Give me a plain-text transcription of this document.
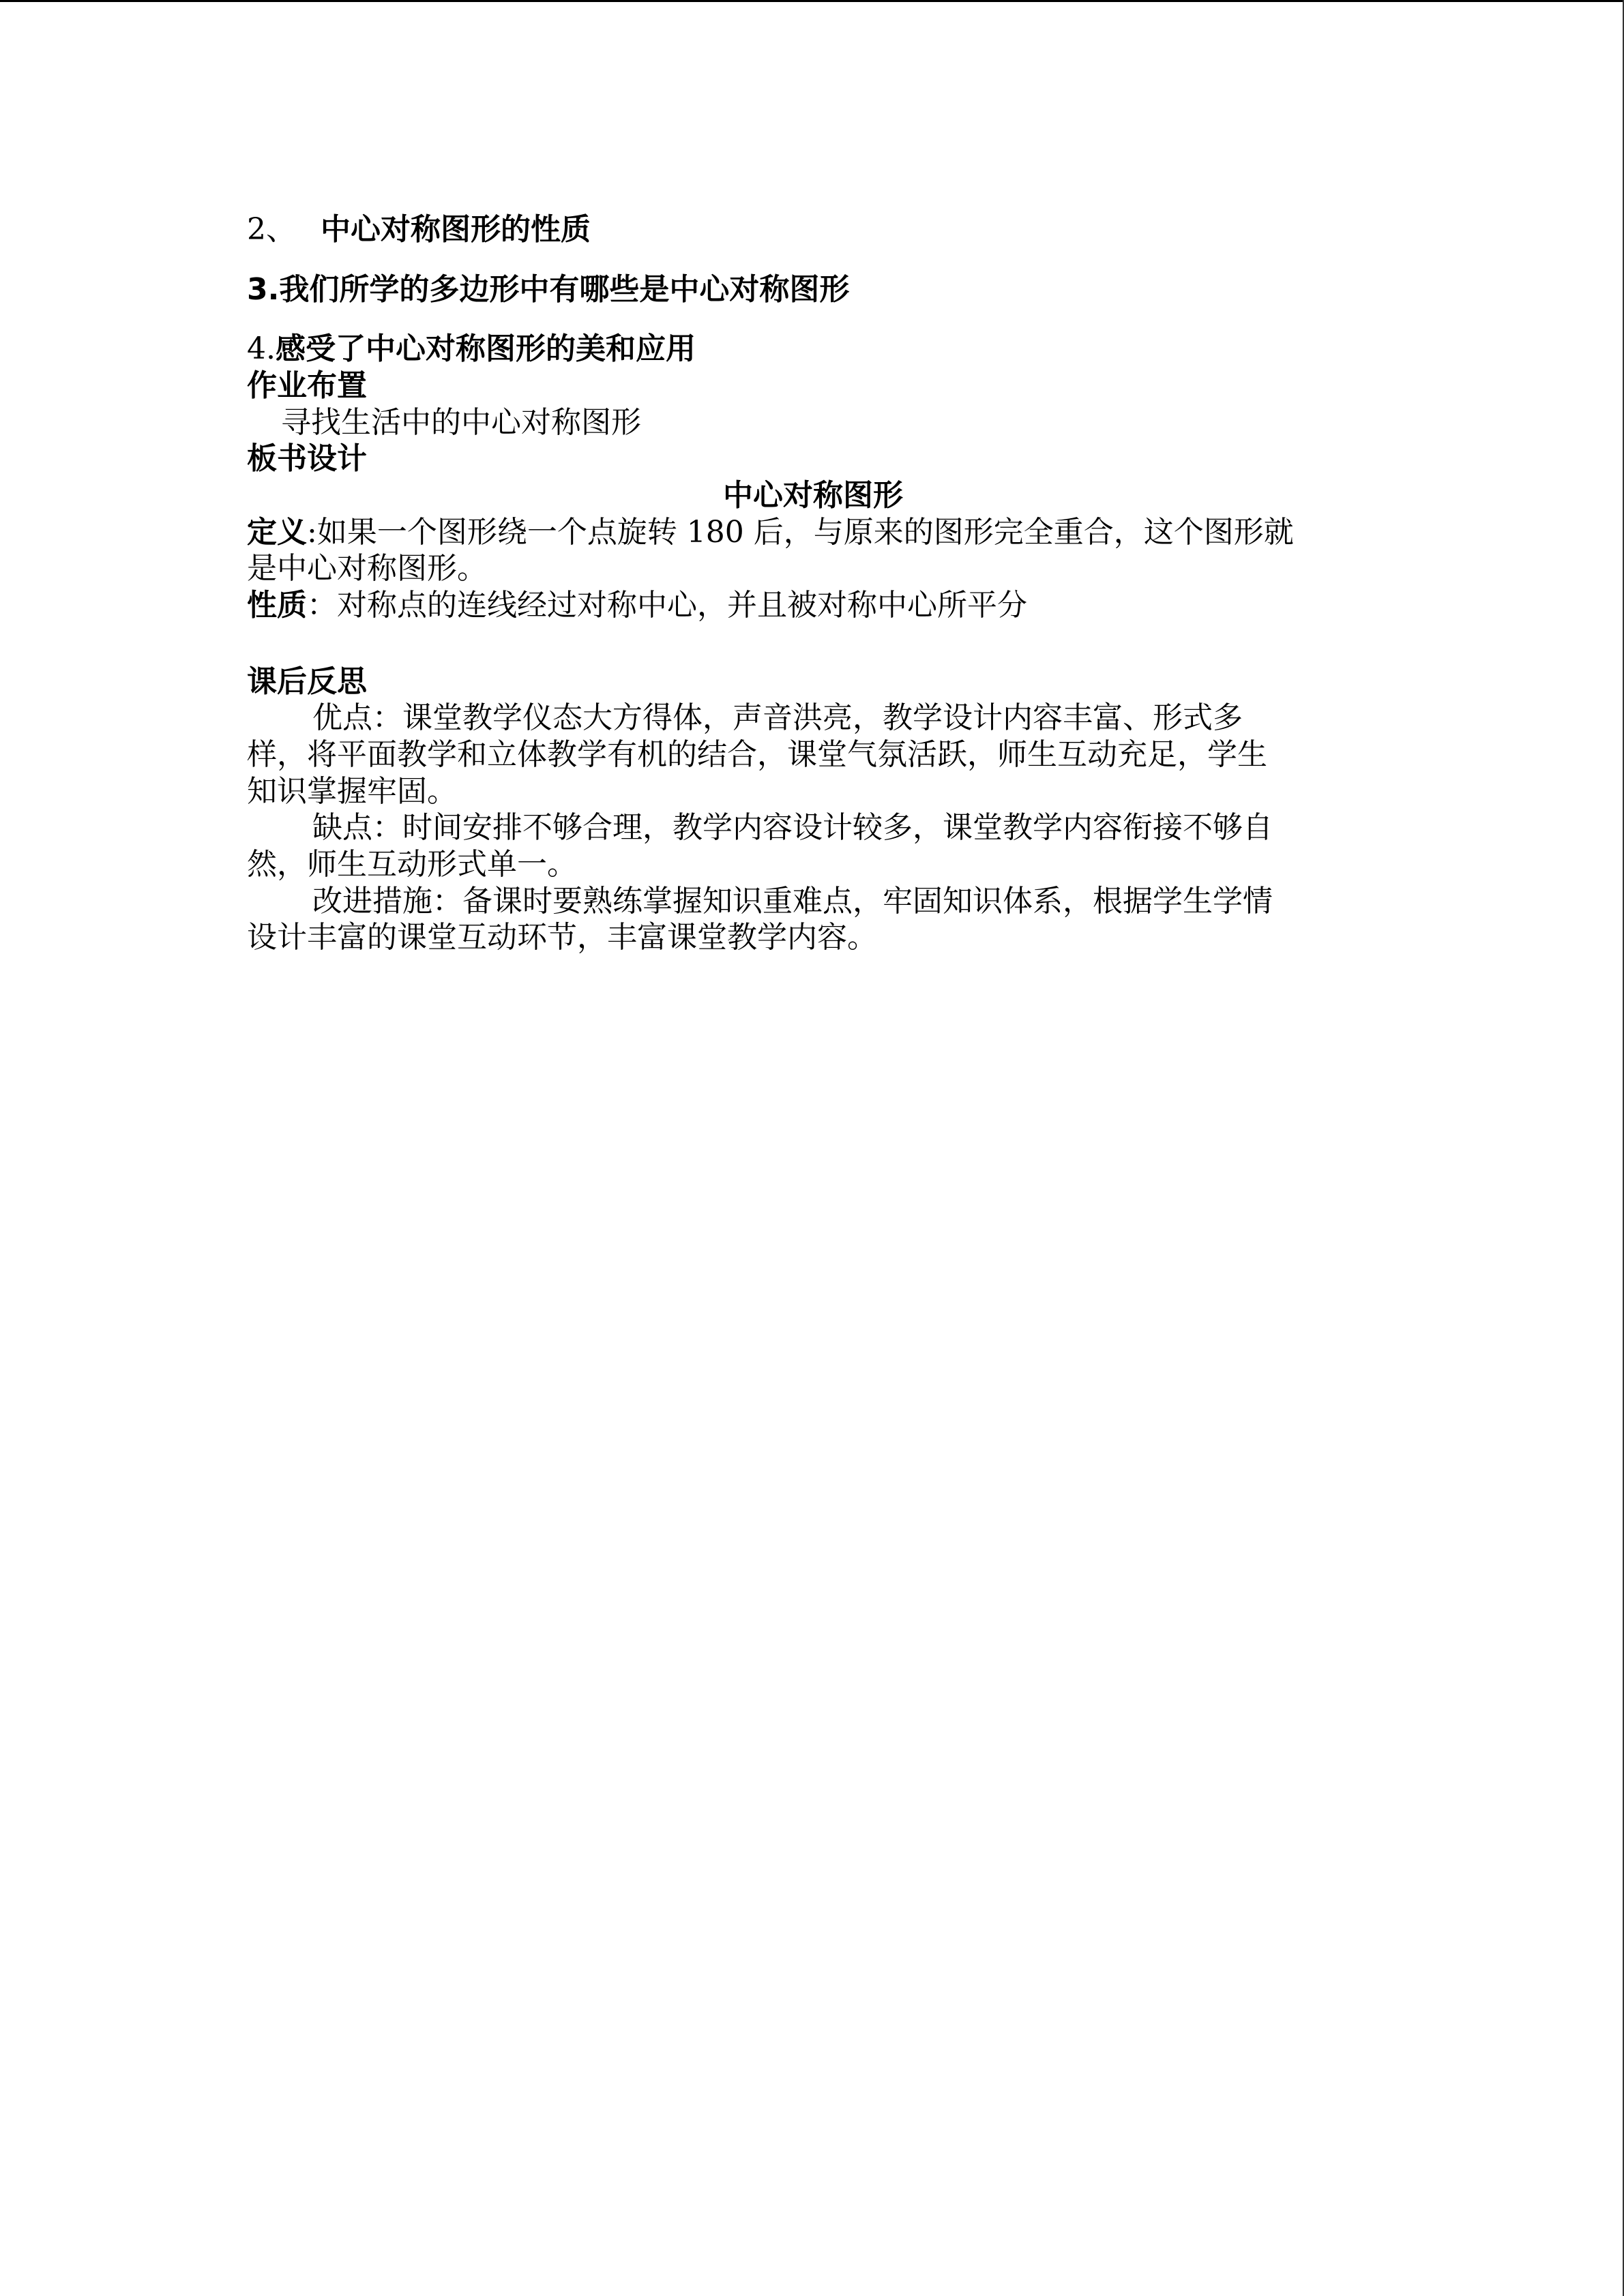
2、 中心对称图形的性质
3.我们所学的多边形中有哪些是中心对称图形
4.感受了中心对称图形的美和应用
作业布置
寻找生活中的中心对称图形
板书设计
中心对称图形
定义:如果一个图形绕一个点旋转 180 后，与原来的图形完全重合，这个图形就
是中心对称图形。
性质：对称点的连线经过对称中心，并且被对称中心所平分
课后反思
优点：课堂教学仪态大方得体，声音洪亮，教学设计内容丰富、形式多
样，将平面教学和立体教学有机的结合，课堂气氛活跃，师生互动充足，学生
知识掌握牢固。
缺点：时间安排不够合理，教学内容设计较多，课堂教学内容衔接不够自
然，师生互动形式单一。
改进措施：备课时要熟练掌握知识重难点，牢固知识体系，根据学生学情
设计丰富的课堂互动环节，丰富课堂教学内容。
